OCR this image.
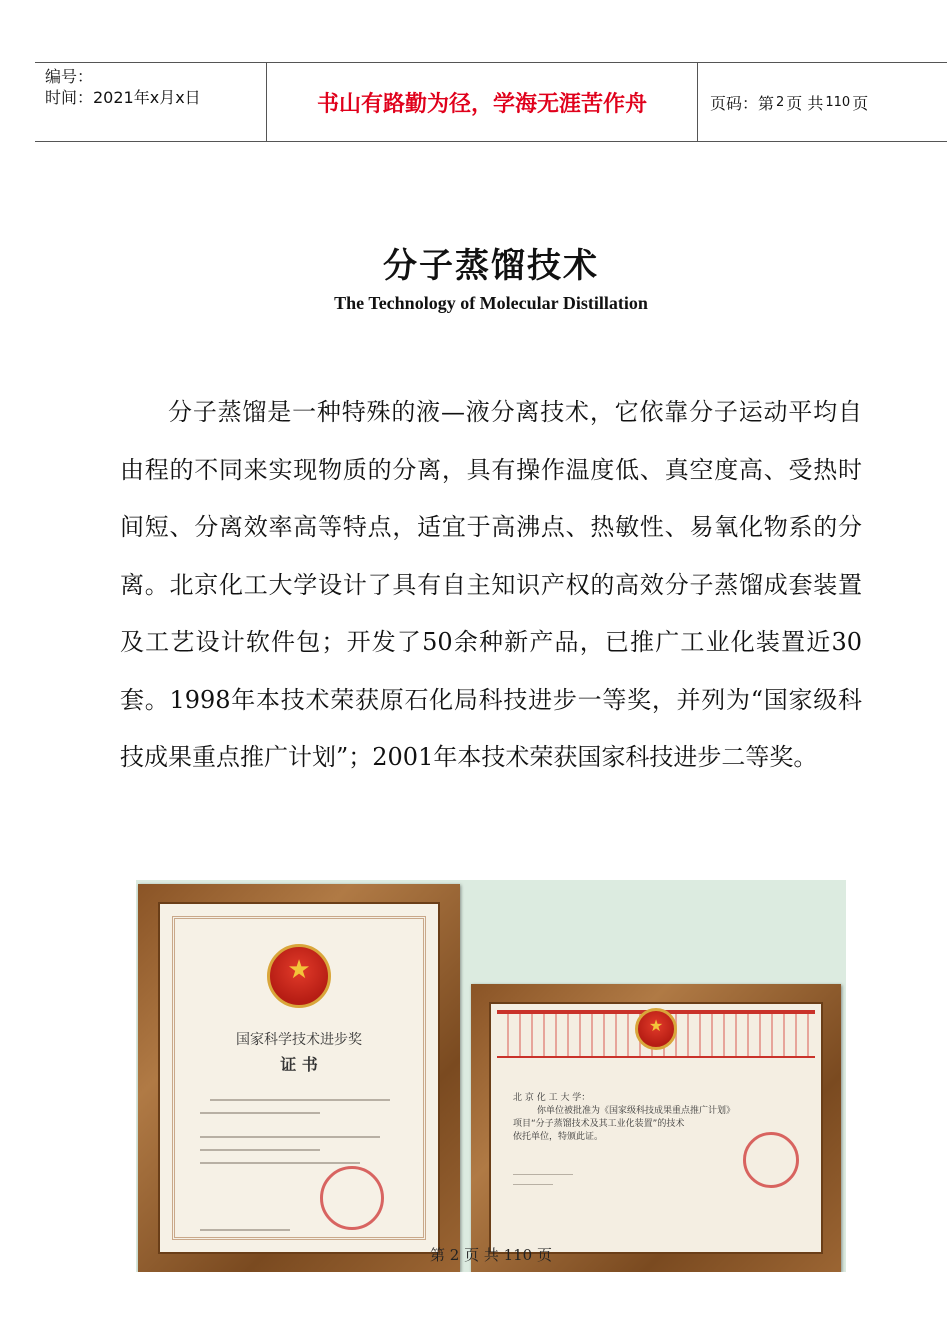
编号：
时间：2021年x月x日	书山有路勤为径，学海无涯苦作舟	页码：第 2 页 共 110 页
分子蒸馏技术
The Technology of Molecular Distillation
分子蒸馏是一种特殊的液—液分离技术，它依靠分子运动平均自由程的不同来实现物质的分离，具有操作温度低、真空度高、受热时间短、分离效率高等特点，适宜于高沸点、热敏性、易氧化物系的分离。北京化工大学设计了具有自主知识产权的高效分子蒸馏成套装置及工艺设计软件包；开发了50余种新产品，已推广工业化装置近30套。1998年本技术荣获原石化局科技进步一等奖，并列为“国家级科技成果重点推广计划”；2001年本技术荣获国家科技进步二等奖。
★
国家科学技术进步奖
证 书
★
北 京 化 工 大 学：
你单位被批准为《国家级科技成果重点推广计划》
项目“分子蒸馏技术及其工业化装置”的技术
依托单位，特颁此证。
第 2 页 共 110 页
